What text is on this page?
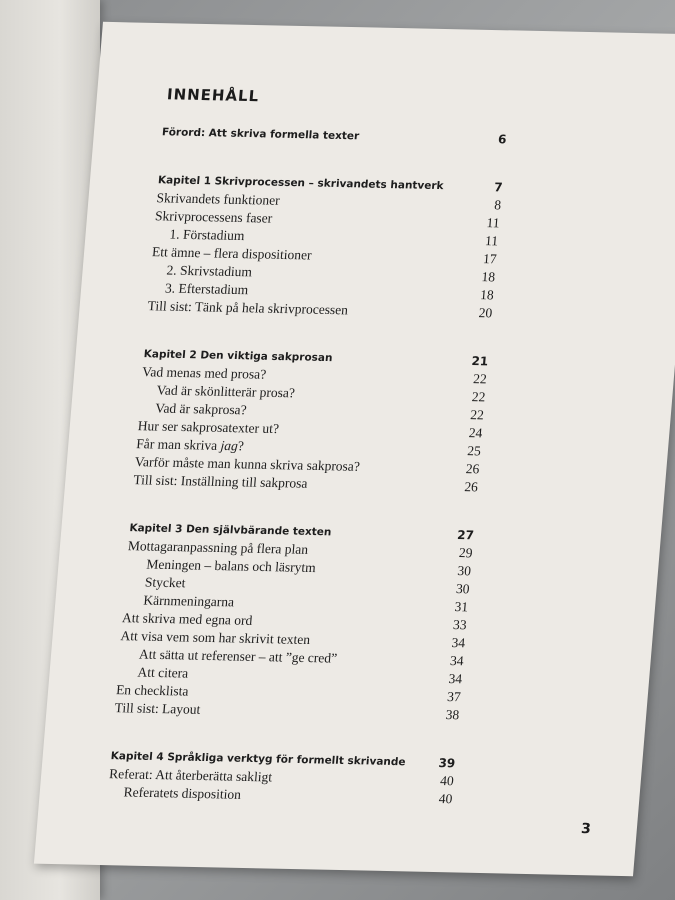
INNEHÅLL
Förord: Att skriva formella texter	6
Kapitel 1 Skrivprocessen – skrivandets hantverk	7
Skrivandets funktioner	8
Skrivprocessens faser	11
1. Förstadium	11
Ett ämne – flera dispositioner	17
2. Skrivstadium	18
3. Efterstadium	18
Till sist: Tänk på hela skrivprocessen	20
Kapitel 2 Den viktiga sakprosan	21
Vad menas med prosa?	22
Vad är skönlitterär prosa?	22
Vad är sakprosa?	22
Hur ser sakprosatexter ut?	24
Får man skriva jag?	25
Varför måste man kunna skriva sakprosa?	26
Till sist: Inställning till sakprosa	26
Kapitel 3 Den självbärande texten	27
Mottagaranpassning på flera plan	29
Meningen – balans och läsrytm	30
Stycket	30
Kärnmeningarna	31
Att skriva med egna ord	33
Att visa vem som har skrivit texten	34
Att sätta ut referenser – att ”ge cred”	34
Att citera	34
En checklista	37
Till sist: Layout	38
Kapitel 4 Språkliga verktyg för formellt skrivande	39
Referat: Att återberätta sakligt	40
Referatets disposition	40
3
